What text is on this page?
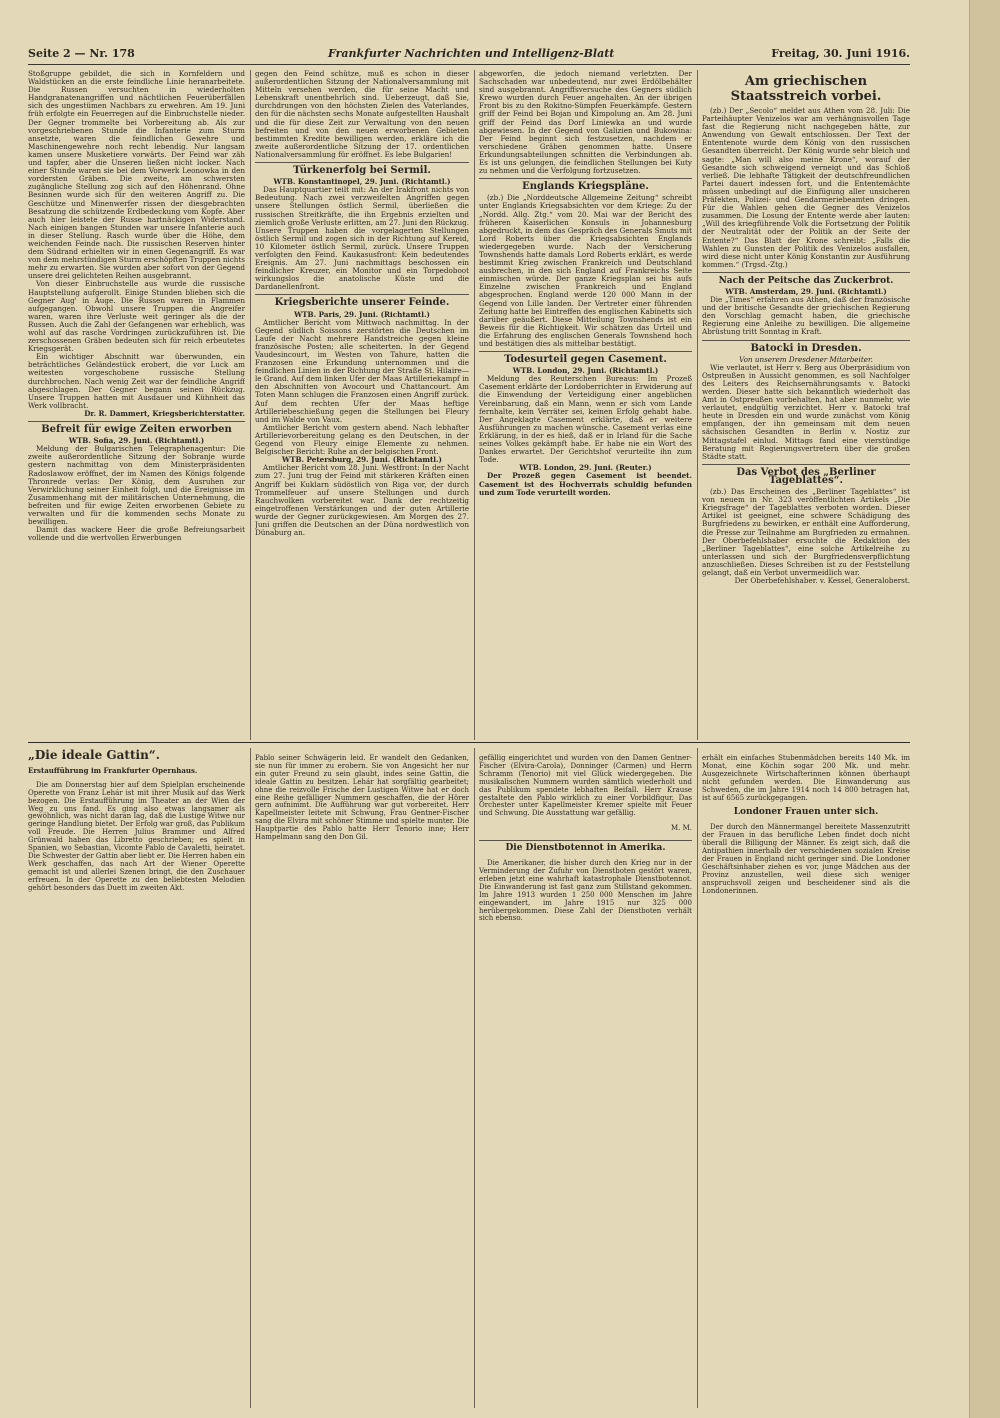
Seite 2 — Nr. 178	Frankfurter Nachrichten und Intelligenz-Blatt	Freitag, 30. Juni 1916.

Stoßgruppe gebildet, die sich in Kornfeldern und Waldstücken an die erste feindliche Linie heranarbeitete. Die Russen versuchten in wiederholten Handgranatenangriffen und nächtlichen Feuerüberfällen sich des ungestümen Nachbars zu erwehren. Am 19. Juni früh erfolgte ein Feuerregen auf die Einbruchstelle nieder. Der Gegner trommelte bei Vorbereitung ab. Als zur vorgeschriebenen Stunde die Infanterie zum Sturm ansetzte, waren die feindlichen Gewehre und Maschinengewehre noch recht lebendig. Nur langsam kamen unsere Musketiere vorwärts. Der Feind war zäh und tapfer, aber die Unseren ließen nicht locker. Nach einer Stunde waren sie bei dem Vorwerk Leonowka in den vordersten Gräben. Die zweite, am schwersten zugängliche Stellung zog sich auf den Höhenrand. Ohne Besinnen wurde sich für den weiteren Angriff zu. Die Geschütze und Minenwerfer rissen der diesgebrachten Besatzung die schützende Erdbedeckung vom Kopfe. Aber auch hier leistete der Russe hartnäckigen Widerstand. Nach einigen bangen Stunden war unsere Infanterie auch in dieser Stellung. Rasch wurde über die Höhe, dem weichenden Feinde nach. Die russischen Reserven hinter dem Südrand erhielten wir in einen Gegenangriff. Es war von dem mehrstündigen Sturm erschöpften Truppen nichts mehr zu erwarten. Sie wurden aber sofort von der Gegend unsere drei gelichteten Reihen ausgebrannt.

Von dieser Einbruchstelle aus wurde die russische Hauptstellung aufgerollt. Einige Stunden blieben sich die Gegner Aug' in Auge. Die Russen waren in Flammen aufgegangen. Obwohl unsere Truppen die Angreifer waren, waren ihre Verluste weit geringer als die der Russen. Auch die Zahl der Gefangenen war erheblich, was wohl auf das rasche Vordringen zurückzuführen ist. Die zerschossenen Gräben bedeuten sich für reich erbeutetes Kriegsgerät.

Ein wichtiger Abschnitt war überwunden, ein beträchtliches Geländestück erobert, die vor Luck am weitesten vorgeschobene russische Stellung durchbrochen. Nach wenig Zeit war der feindliche Angriff abgeschlagen. Der Gegner begann seinen Rückzug. Unsere Truppen hatten mit Ausdauer und Kühnheit das Werk vollbracht.

Dr. R. Dammert, Kriegsberichterstatter.

Befreit für ewige Zeiten erworben

WTB. Sofia, 29. Juni. (Richtamtl.)

Meldung der Bulgarischen Telegraphenagentur: Die zweite außerordentliche Sitzung der Sobranje wurde gestern nachmittag von dem Ministerpräsidenten Radoslawow eröffnet, der im Namen des Königs folgende Thronrede verlas: Der König, dem Ausruhen zur Verwirklichung seiner Einheit folgt, und die Ereignisse im Zusammenhang mit der militärischen Unternehmung, die befreiten und für ewige Zeiten erworbenen Gebiete zu verwalten und für die kommenden sechs Monate zu bewilligen.

Damit das wackere Heer die große Befreiungsarbeit vollende und die wertvollen Erwerbungen

gegen den Feind schütze, muß es schon in dieser außerordentlichen Sitzung der Nationalversammlung mit Mitteln versehen werden, die für seine Macht und Lebenskraft unentbehrlich sind. Ueberzeugt, daß Sie, durchdrungen von den höchsten Zielen des Vaterlandes, den für die nächsten sechs Monate aufgestellten Haushalt und die für diese Zeit zur Verwaltung von den neuen befreiten und von den neuen erworbenen Gebieten bestimmten Kredite bewilligen werden, erkläre ich die zweite außerordentliche Sitzung der 17. ordentlichen Nationalversammlung für eröffnet. Es lebe Bulgarien!

Türkenerfolg bei Sermil.

WTB. Konstantinopel, 29. Juni. (Richtamtl.)

Das Hauptquartier teilt mit: An der Irakfront nichts von Bedeutung. Nach zwei verzweifelten Angriffen gegen unsere Stellungen östlich Sermil, überließen die russischen Streitkräfte, die ihn Ergebnis erzielten und ziemlich große Verluste erlitten, am 27. Juni den Rückzug. Unsere Truppen haben die vorgelagerten Stellungen östlich Sermil und zogen sich in der Richtung auf Kereid, 10 Kilometer östlich Sermil, zurück. Unsere Truppen verfolgten den Feind. Kaukasusfront: Kein bedeutendes Ereignis. Am 27. Juni nachmittags beschossen ein feindlicher Kreuzer, ein Monitor und ein Torpedoboot wirkungslos die anatolische Küste und die Dardanellenfront.

Kriegsberichte unserer Feinde.

WTB. Paris, 29. Juni. (Richtamtl.)

Amtlicher Bericht vom Mittwoch nachmittag. In der Gegend südlich Soissons zerstörten die Deutschen im Laufe der Nacht mehrere Handstreiche gegen kleine französische Posten; alle scheiterten. In der Gegend Vaudesincourt, im Westen von Tahure, hatten die Franzosen eine Erkundung unternommen und die feindlichen Linien in der Richtung der Straße St. Hilaire—le Grand. Auf dem linken Ufer der Maas Artilleriekampf in den Abschnitten von Avocourt und Chattancourt. Am Toten Mann schlugen die Franzosen einen Angriff zurück. Auf dem rechten Ufer der Maas heftige Artilleriebeschießung gegen die Stellungen bei Fleury und im Walde von Vaux.

Amtlicher Bericht vom gestern abend. Nach lebhafter Artillerievorbereitung gelang es den Deutschen, in der Gegend von Fleury einige Elemente zu nehmen. Belgischer Bericht: Ruhe an der belgischen Front.

WTB. Petersburg, 29. Juni. (Richtamtl.)

Amtlicher Bericht vom 28. Juni. Westfront: In der Nacht zum 27. Juni trug der Feind mit stärkeren Kräften einen Angriff bei Kuklarn südöstlich von Riga vor, der durch Trommelfeuer auf unsere Stellungen und durch Rauchwolken vorbereitet war. Dank der rechtzeitig eingetroffenen Verstärkungen und der guten Artillerie wurde der Gegner zurückgewiesen. Am Morgen des 27. Juni griffen die Deutschen an der Düna nordwestlich von Dünaburg an.

abgeworfen, die jedoch niemand verletzten. Der Sachschaden war unbedeutend, nur zwei Erdölbehälter sind ausgebrannt. Angriffsversuche des Gegners südlich Krewo wurden durch Feuer angehalten. An der übrigen Front bis zu den Rokitno-Sümpfen Feuerkämpfe. Gestern griff der Feind bei Bojan und Kimpolung an. Am 28. Juni griff der Feind das Dorf Liniewka an und wurde abgewiesen. In der Gegend von Galizien und Bukowina: Der Feind beginnt sich festzusetzen, nachdem er verschiedene Gräben genommen hatte. Unsere Erkundungsabteilungen schnitten die Verbindungen ab. Es ist uns gelungen, die feindlichen Stellungen bei Kuty zu nehmen und die Verfolgung fortzusetzen.

Englands Kriegspläne.

(zb.) Die „Norddeutsche Allgemeine Zeitung“ schreibt unter Englands Kriegsabsichten vor dem Kriege: Zu der „Nordd. Allg. Ztg.“ vom 20. Mai war der Bericht des früheren Kaiserlichen Konsuls in Johannesburg abgedruckt, in dem das Gespräch des Generals Smuts mit Lord Roberts über die Kriegsabsichten Englands wiedergegeben wurde. Nach der Versicherung Townshends hatte damals Lord Roberts erklärt, es werde bestimmt Krieg zwischen Frankreich und Deutschland ausbrechen, in den sich England auf Frankreichs Seite einmischen würde. Der ganze Kriegsplan sei bis aufs Einzelne zwischen Frankreich und England abgesprochen. England werde 120 000 Mann in der Gegend von Lille landen. Der Vertreter einer führenden Zeitung hatte bei Eintreffen des englischen Kabinetts sich darüber geäußert. Diese Mitteilung Townshends ist ein Beweis für die Richtigkeit. Wir schätzen das Urteil und die Erfahrung des englischen Generals Townshend hoch und bestätigen dies als mittelbar bestätigt.

Todesurteil gegen Casement.

WTB. London, 29. Juni. (Richtamtl.)

Meldung des Reuterschen Bureaus: Im Prozeß Casement erklärte der Lordoberrichter in Erwiderung auf die Einwendung der Verteidigung einer angeblichen Vereinbarung, daß ein Mann, wenn er sich vom Lande fernhalte, kein Verräter sei, keinen Erfolg gehabt habe. Der Angeklagte Casement erklärte, daß er weitere Ausführungen zu machen wünsche. Casement verlas eine Erklärung, in der es hieß, daß er in Irland für die Sache seines Volkes gekämpft habe. Er habe nie ein Wort des Dankes erwartet. Der Gerichtshof verurteilte ihn zum Tode.

WTB. London, 29. Juni. (Reuter.)

Der Prozeß gegen Casement ist beendet. Casement ist des Hochverrats schuldig befunden und zum Tode verurteilt worden.

Am griechischen Staatsstreich vorbei.

(zb.) Der „Secolo“ meldet aus Athen vom 28. Juli: Die Parteihäupter Venizelos war am verhängnisvollen Tage fast die Regierung nicht nachgegeben hätte, zur Anwendung von Gewalt entschlossen. Der Text der Ententenote wurde dem König von den russischen Gesandten überreicht. Der König wurde sehr bleich und sagte: „Man will also meine Krone“, worauf der Gesandte sich schweigend verneigt und das Schloß verließ. Die lebhafte Tätigkeit der deutschfreundlichen Partei dauert indessen fort, und die Ententemächte müssen unbedingt auf die Einfügung aller unsicheren Präfekten, Polizei- und Gendarmeriebeamten dringen. Für die Wahlen gehen die Gegner des Venizelos zusammen. Die Losung der Entente werde aber lauten: „Will des kriegführende Volk die Fortsetzung der Politik der Neutralität oder der Politik an der Seite der Entente?“ Das Blatt der Krone schreibt: „Falls die Wahlen zu Gunsten der Politik des Venizelos ausfallen, wird diese nicht unter König Konstantin zur Ausführung kommen.“ (Trgsd.-Ztg.)

Nach der Peitsche das Zuckerbrot.

WTB. Amsterdam, 29. Juni. (Richtamtl.)

Die „Times“ erfahren aus Athen, daß der französische und der britische Gesandte der griechischen Regierung den Vorschlag gemacht haben, die griechische Regierung eine Anleihe zu bewilligen. Die allgemeine Abrüstung tritt Sonntag in Kraft.

Batocki in Dresden.

Von unserem Dresdener Mitarbeiter.

Wie verlautet, ist Herr v. Berg aus Oberpräsidium von Ostpreußen in Aussicht genommen, es soll Nachfolger des Leiters des Reichsernährungsamts v. Batocki werden. Dieser hatte sich bekanntlich wiederholt das Amt in Ostpreußen vorbehalten, hat aber nunmehr, wie verlautet, endgültig verzichtet. Herr v. Batocki traf heute in Dresden ein und wurde zunächst vom König empfangen, der ihn gemeinsam mit dem neuen sächsischen Gesandten in Berlin v. Nostiz zur Mittagstafel einlud. Mittags fand eine vierstündige Beratung mit Regierungsvertretern über die großen Städte statt.

Das Verbot des „Berliner Tageblattes“.

(zb.) Das Erscheinen des „Berliner Tageblattes“ ist von neuem in Nr. 323 veröffentlichten Artikels „Die Kriegsfrage“ der Tageblattes verboten worden. Dieser Artikel ist geeignet, eine schwere Schädigung des Burgfriedens zu bewirken, er enthält eine Aufforderung, die Presse zur Teilnahme am Burgfrieden zu ermahnen. Der Oberbefehlshaber ersuchte die Redaktion des „Berliner Tageblattes“, eine solche Artikelreihe zu unterlassen und sich der Burgfriedensverpflichtung anzuschließen. Dieses Schreiben ist zu der Feststellung gelangt, daß ein Verbot unvermeidlich war.

Der Oberbefehlshaber. v. Kessel, Generaloberst.

„Die ideale Gattin“.

Erstaufführung im Frankfurter Opernhaus.

Die am Donnerstag hier auf dem Spielplan erscheinende Operette von Franz Lehár ist mit ihrer Musik auf das Werk bezogen. Die Erstaufführung im Theater an der Wien der Weg zu uns fand. Es ging also etwas langsamer als gewöhnlich, was nicht daran lag, daß die Lustige Witwe nur geringe Handlung bietet. Der Erfolg war groß, das Publikum voll Freude. Die Herren Julius Brammer und Alfred Grünwald haben das Libretto geschrieben; es spielt in Spanien, wo Sebastian, Vicomte Pablo de Cavaletti, heiratet. Die Schwester der Gattin aber liebt er. Die Herren haben ein Werk geschaffen, das nach Art der Wiener Operette gemacht ist und allerlei Szenen bringt, die den Zuschauer erfreuen. In der Operette zu den beliebtesten Melodien gehört besonders das Duett im zweiten Akt.

Pablo seiner Schwägerin leid. Er wandelt den Gedanken, sie nun für immer zu erobern. Sie von Angesicht her nur ein guter Freund zu sein glaubt, indes seine Gattin, die ideale Gattin zu besitzen. Lehár hat sorgfältig gearbeitet; ohne die reizvolle Frische der Lustigen Witwe hat er doch eine Reihe gefälliger Nummern geschaffen, die der Hörer gern aufnimmt. Die Aufführung war gut vorbereitet. Herr Kapellmeister leitete mit Schwung, Frau Gentner-Fischer sang die Elvira mit schöner Stimme und spielte munter. Die Hauptpartie des Pablo hatte Herr Tenorio inne; Herr Hampelmann sang den Don Gil.

gefällig eingerichtet und wurden von den Damen Gentner-Fischer (Elvira-Carola), Donninger (Carmen) und Herrn Schramm (Tenorio) mit viel Glück wiedergegeben. Die musikalischen Nummern wurden sämtlich wiederholt und das Publikum spendete lebhaften Beifall. Herr Krause gestaltete den Pablo wirklich zu einer Vorbildfigur. Das Orchester unter Kapellmeister Kremer spielte mit Feuer und Schwung. Die Ausstattung war gefällig.

M. M.

Die Dienstbotennot in Amerika.

Die Amerikaner, die bisher durch den Krieg nur in der Verminderung der Zufuhr von Dienstboten gestört waren, erleben jetzt eine wahrhaft katastrophale Dienstbotennot. Die Einwanderung ist fast ganz zum Stillstand gekommen. Im Jahre 1913 wurden 1 250 000 Menschen im Jahre eingewandert, im Jahre 1915 nur 325 000 herübergekommen. Diese Zahl der Dienstboten verhält sich ebenso.

erhält ein einfaches Stubenmädchen bereits 140 Mk. im Monat, eine Köchin sogar 200 Mk. und mehr. Ausgezeichnete Wirtschafterinnen können überhaupt nicht gefunden werden. Die Einwanderung aus Schweden, die im Jahre 1914 noch 14 800 betragen hat, ist auf 6565 zurückgegangen.

Londoner Frauen unter sich.

Der durch den Männermangel bereitete Massenzutritt der Frauen in das berufliche Leben findet doch nicht überall die Billigung der Männer. Es zeigt sich, daß die Antipathien innerhalb der verschiedenen sozialen Kreise der Frauen in England nicht geringer sind. Die Londoner Geschäftsinhaber ziehen es vor, junge Mädchen aus der Provinz anzustellen, weil diese sich weniger anspruchsvoll zeigen und bescheidener sind als die Londonerinnen.
